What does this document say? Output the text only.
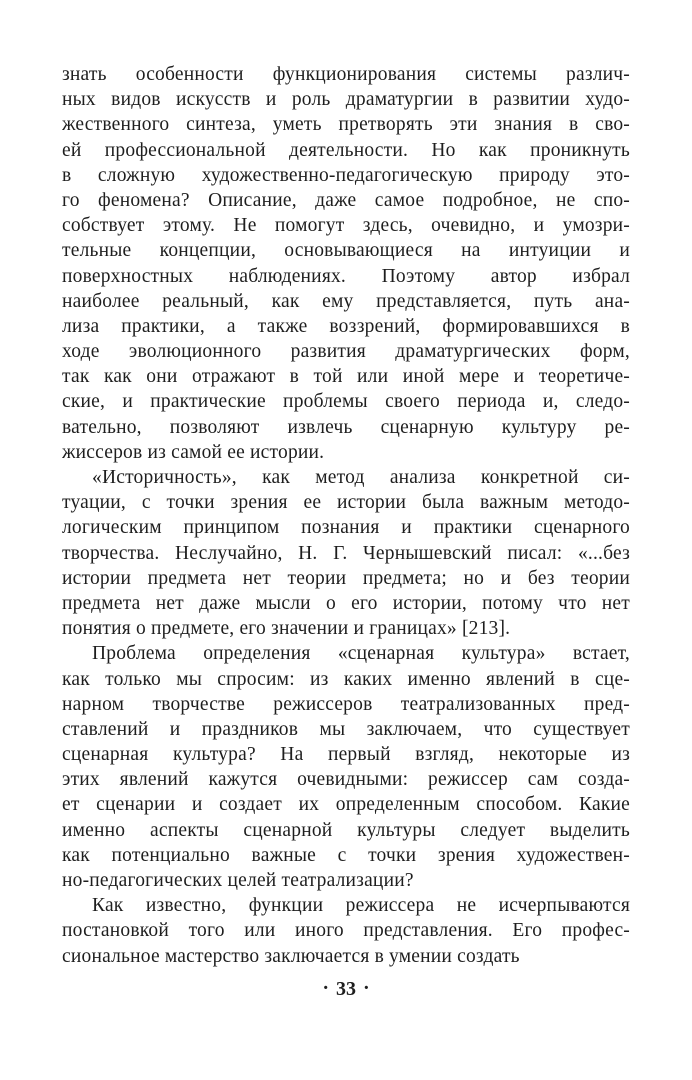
знать особенности функционирования системы различ-
ных видов искусств и роль драматургии в развитии худо-
жественного синтеза, уметь претворять эти знания в сво-
ей профессиональной деятельности. Но как проникнуть
в сложную художественно-педагогическую природу это-
го феномена? Описание, даже самое подробное, не спо-
собствует этому. Не помогут здесь, очевидно, и умозри-
тельные концепции, основывающиеся на интуиции и
поверхностных наблюдениях. Поэтому автор избрал
наиболее реальный, как ему представляется, путь ана-
лиза практики, а также воззрений, формировавшихся в
ходе эволюционного развития драматургических форм,
так как они отражают в той или иной мере и теоретиче-
ские, и практические проблемы своего периода и, следо-
вательно, позволяют извлечь сценарную культуру ре-
жиссеров из самой ее истории.
«Историчность», как метод анализа конкретной си-
туации, с точки зрения ее истории была важным методо-
логическим принципом познания и практики сценарного
творчества. Неслучайно, Н. Г. Чернышевский писал: «...без
истории предмета нет теории предмета; но и без теории
предмета нет даже мысли о его истории, потому что нет
понятия о предмете, его значении и границах» [213].
Проблема определения «сценарная культура» встает,
как только мы спросим: из каких именно явлений в сце-
нарном творчестве режиссеров театрализованных пред-
ставлений и праздников мы заключаем, что существует
сценарная культура? На первый взгляд, некоторые из
этих явлений кажутся очевидными: режиссер сам созда-
ет сценарии и создает их определенным способом. Какие
именно аспекты сценарной культуры следует выделить
как потенциально важные с точки зрения художествен-
но-педагогических целей театрализации?
Как известно, функции режиссера не исчерпываются
постановкой того или иного представления. Его профес-
сиональное мастерство заключается в умении создать
· 33 ·
